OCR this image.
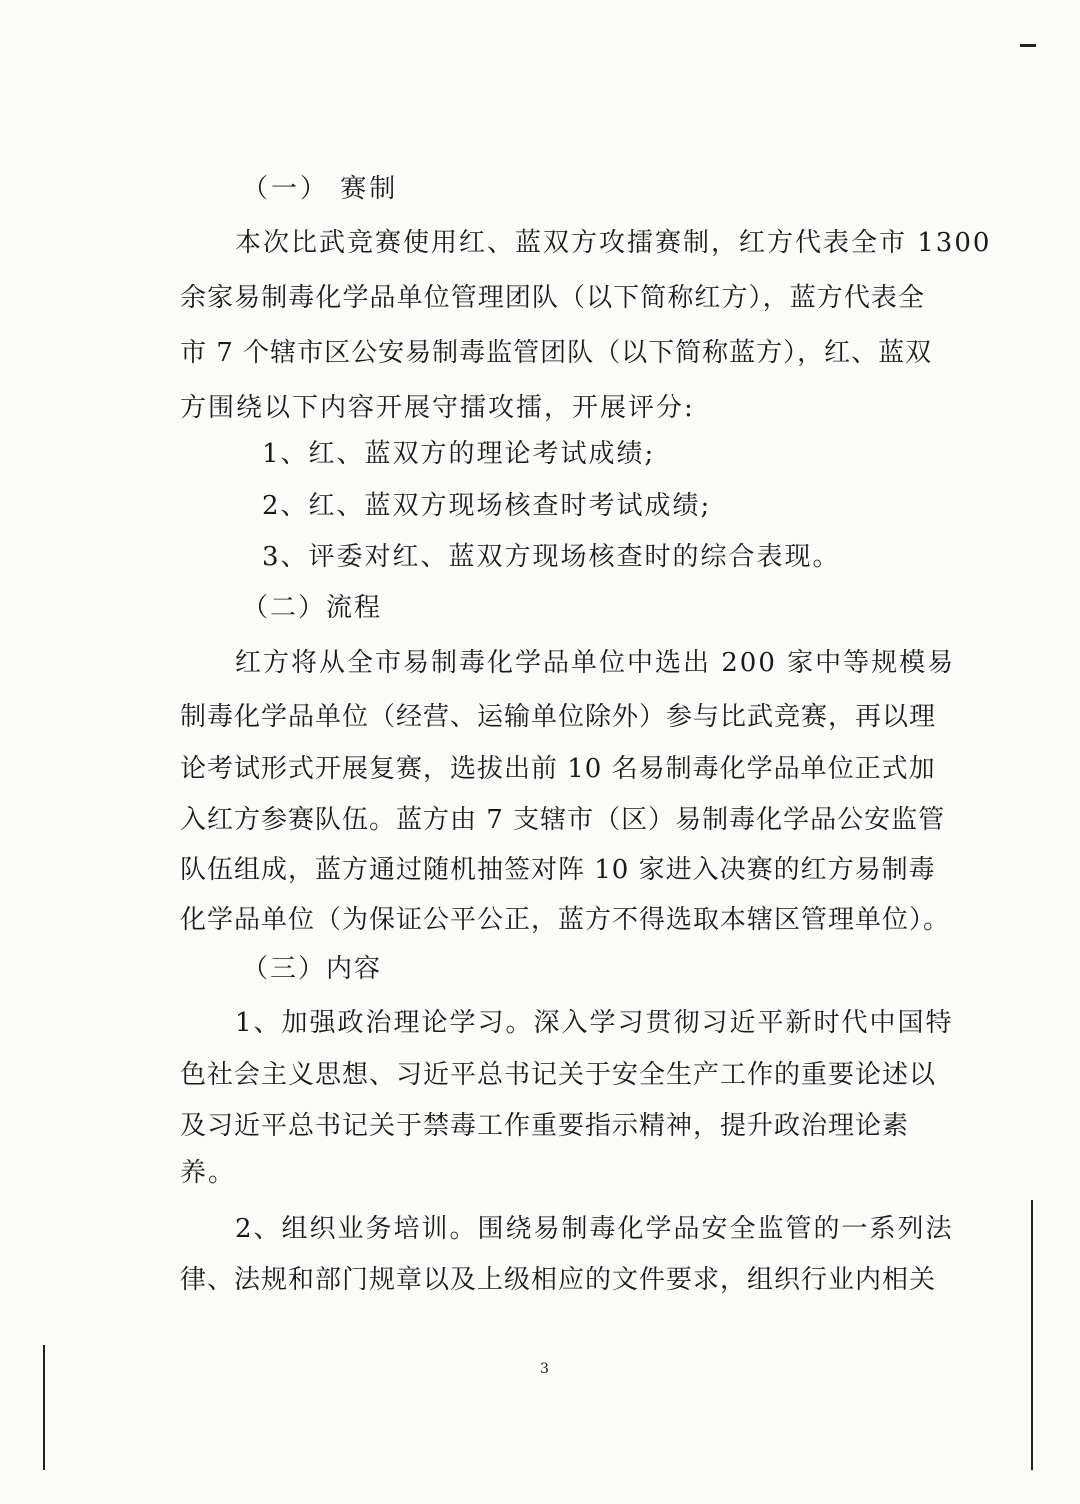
（一） 赛制
本次比武竞赛使用红、蓝双方攻擂赛制，红方代表全市 1300
余家易制毒化学品单位管理团队（以下简称红方），蓝方代表全
市 7 个辖市区公安易制毒监管团队（以下简称蓝方），红、蓝双
方围绕以下内容开展守擂攻擂，开展评分:
1、红、蓝双方的理论考试成绩;
2、红、蓝双方现场核查时考试成绩;
3、评委对红、蓝双方现场核查时的综合表现。
（二）流程
红方将从全市易制毒化学品单位中选出 200 家中等规模易
制毒化学品单位（经营、运输单位除外）参与比武竞赛，再以理
论考试形式开展复赛，选拔出前 10 名易制毒化学品单位正式加
入红方参赛队伍。蓝方由 7 支辖市（区）易制毒化学品公安监管
队伍组成，蓝方通过随机抽签对阵 10 家进入决赛的红方易制毒
化学品单位（为保证公平公正，蓝方不得选取本辖区管理单位）。
（三）内容
1、加强政治理论学习。深入学习贯彻习近平新时代中国特
色社会主义思想、习近平总书记关于安全生产工作的重要论述以
及习近平总书记关于禁毒工作重要指示精神，提升政治理论素
养。
2、组织业务培训。围绕易制毒化学品安全监管的一系列法
律、法规和部门规章以及上级相应的文件要求，组织行业内相关
3
